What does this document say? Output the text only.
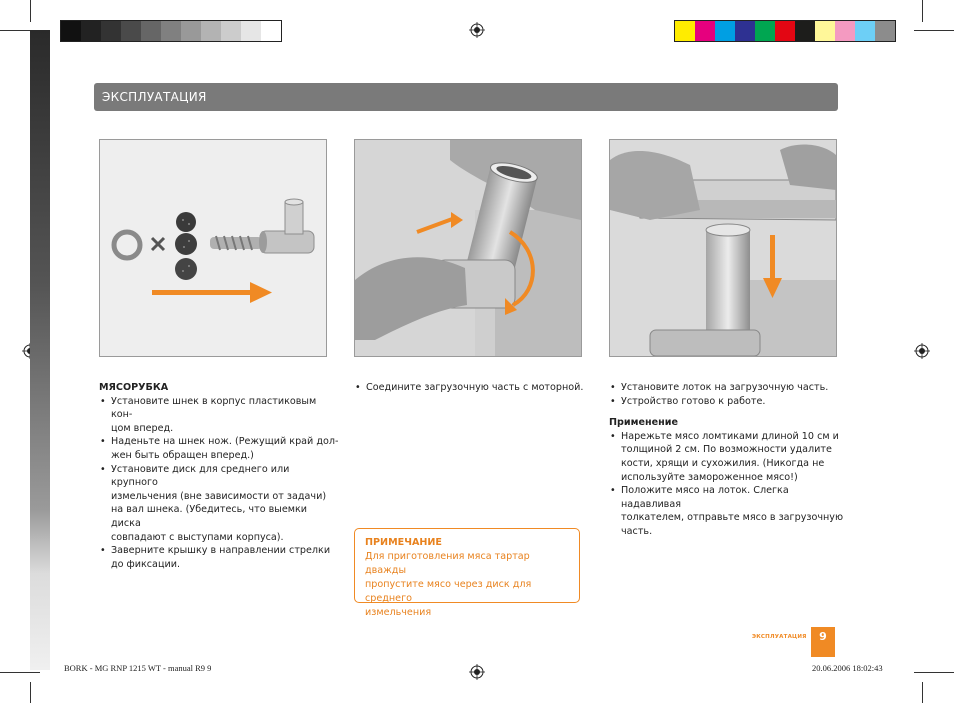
ЭКСПЛУАТАЦИЯ
МЯСОРУБКА
• Установите шнек в корпус пластиковым кон-
цом вперед.
• Наденьте на шнек нож. (Режущий край дол-
жен быть обращен вперед.)
• Установите диск для среднего или крупного
измельчения (вне зависимости от задачи)
на вал шнека. (Убедитесь, что выемки диска
совпадают с выступами корпуса).
• Заверните крышку в направлении стрелки
до фиксации.
• Соедините загрузочную часть с моторной.
•	Установите лоток на загрузочную часть.
• Устройство готово к работе.
Применение
• Нарежьте мясо ломтиками длиной 10 см и
толщиной 2 см. По возможности удалите
кости, хрящи и сухожилия. (Никогда не
используйте замороженное мясо!)
• Положите мясо на лоток. Слегка надавливая
толкателем, отправьте мясо в загрузочную
часть.
ПРИМЕЧАНИЕ
Для приготовления мяса тартар дважды
пропустите мясо через диск для среднего
измельчения
ЭКСПЛУАТАЦИЯ	9
BORK - MG RNP 1215 WT - manual R9 9	20.06.2006 18:02:43
